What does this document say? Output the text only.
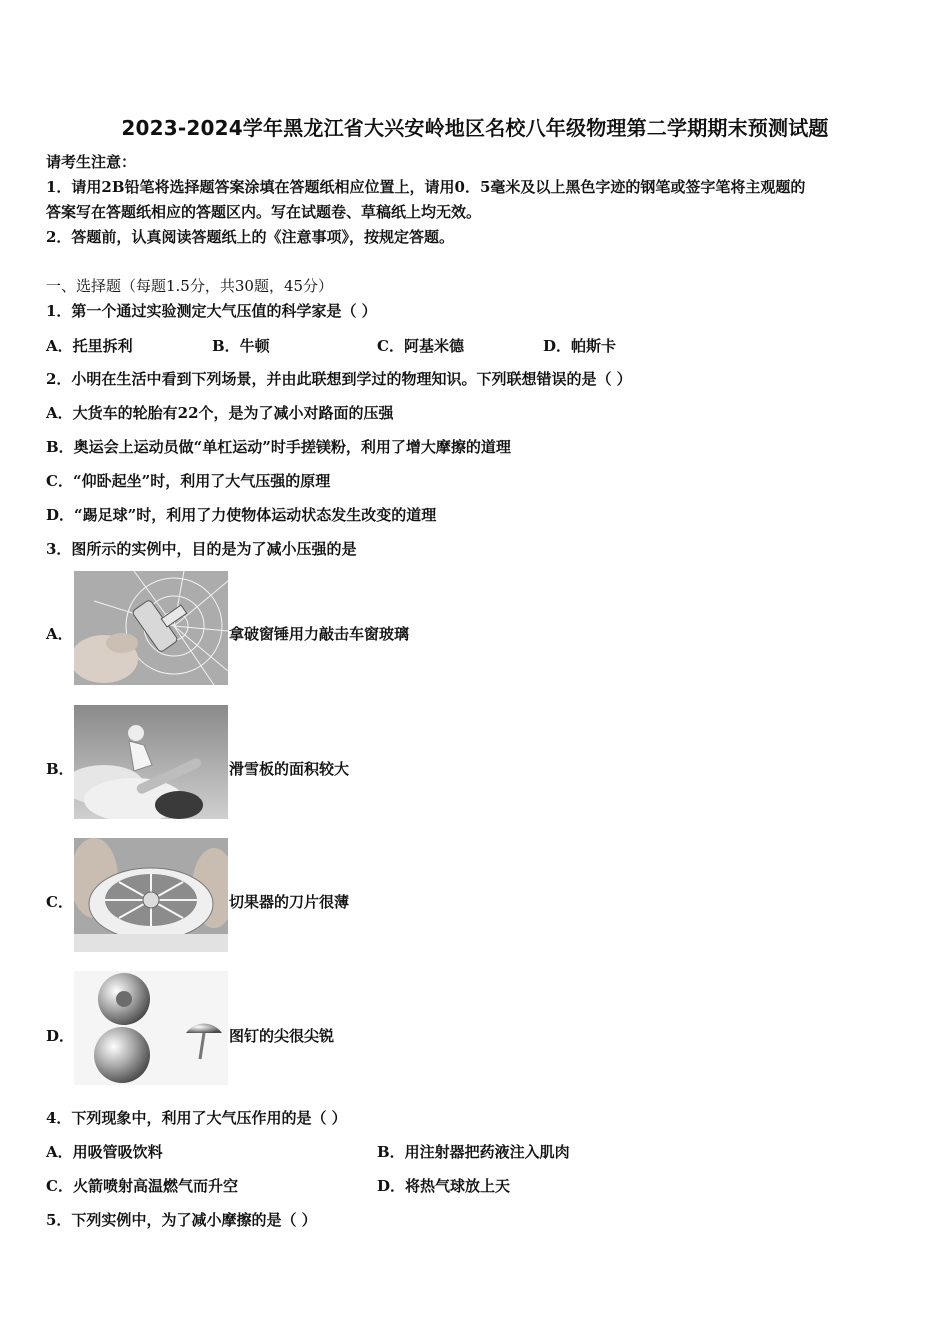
2023-2024学年黑龙江省大兴安岭地区名校八年级物理第二学期期末预测试题
请考生注意：
1．请用2B铅笔将选择题答案涂填在答题纸相应位置上，请用0．5毫米及以上黑色字迹的钢笔或签字笔将主观题的
答案写在答题纸相应的答题区内。写在试题卷、草稿纸上均无效。
2．答题前，认真阅读答题纸上的《注意事项》，按规定答题。
一、选择题（每题1.5分，共30题，45分）
1．第一个通过实验测定大气压值的科学家是（ ）
A．托里拆利	B．牛顿	C．阿基米德	D．帕斯卡
2．小明在生活中看到下列场景，并由此联想到学过的物理知识。下列联想错误的是（ ）
A．大货车的轮胎有22个，是为了减小对路面的压强
B．奥运会上运动员做“单杠运动”时手搓镁粉，利用了增大摩擦的道理
C．“仰卧起坐”时，利用了大气压强的原理
D．“踢足球”时，利用了力使物体运动状态发生改变的道理
3．图所示的实例中，目的是为了减小压强的是
A．	拿破窗锤用力敲击车窗玻璃
B．	滑雪板的面积较大
C．	切果器的刀片很薄
D．	图钉的尖很尖锐
4．下列现象中，利用了大气压作用的是（ ）
A．用吸管吸饮料	B．用注射器把药液注入肌肉
C．火箭喷射高温燃气而升空	D．将热气球放上天
5．下列实例中，为了减小摩擦的是（ ）
